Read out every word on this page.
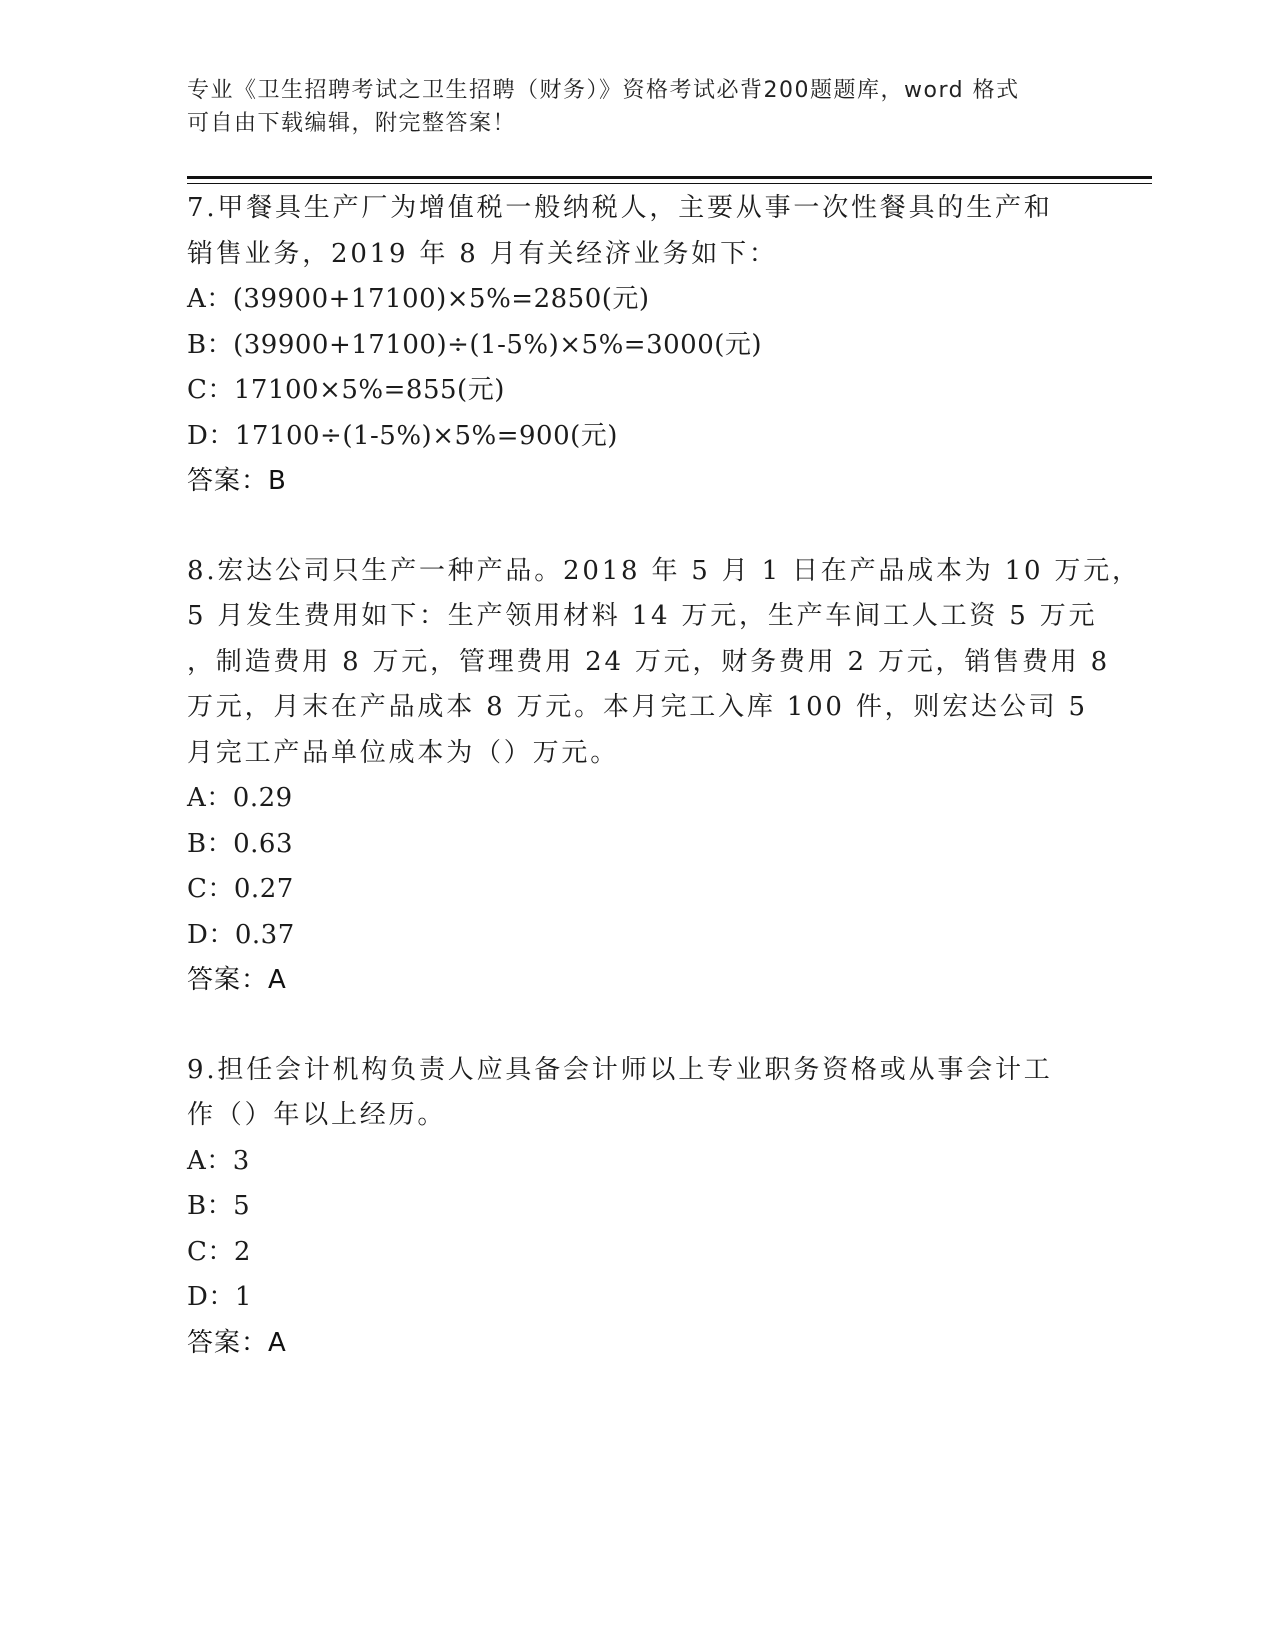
专业《卫生招聘考试之卫生招聘（财务）》资格考试必背200题题库，word 格式
可自由下载编辑，附完整答案！
7.甲餐具生产厂为增值税一般纳税人，主要从事一次性餐具的生产和
销售业务，2019 年 8 月有关经济业务如下：
A：(39900+17100)×5%=2850(元)
B：(39900+17100)÷(1-5%)×5%=3000(元)
C：17100×5%=855(元)
D：17100÷(1-5%)×5%=900(元)
答案：B
8.宏达公司只生产一种产品。2018 年 5 月 1 日在产品成本为 10 万元，
5 月发生费用如下：生产领用材料 14 万元，生产车间工人工资 5 万元
，制造费用 8 万元，管理费用 24 万元，财务费用 2 万元，销售费用 8
万元，月末在产品成本 8 万元。本月完工入库 100 件，则宏达公司 5
月完工产品单位成本为（）万元。
A：0.29
B：0.63
C：0.27
D：0.37
答案：A
9.担任会计机构负责人应具备会计师以上专业职务资格或从事会计工
作（）年以上经历。
A：3
B：5
C：2
D：1
答案：A
